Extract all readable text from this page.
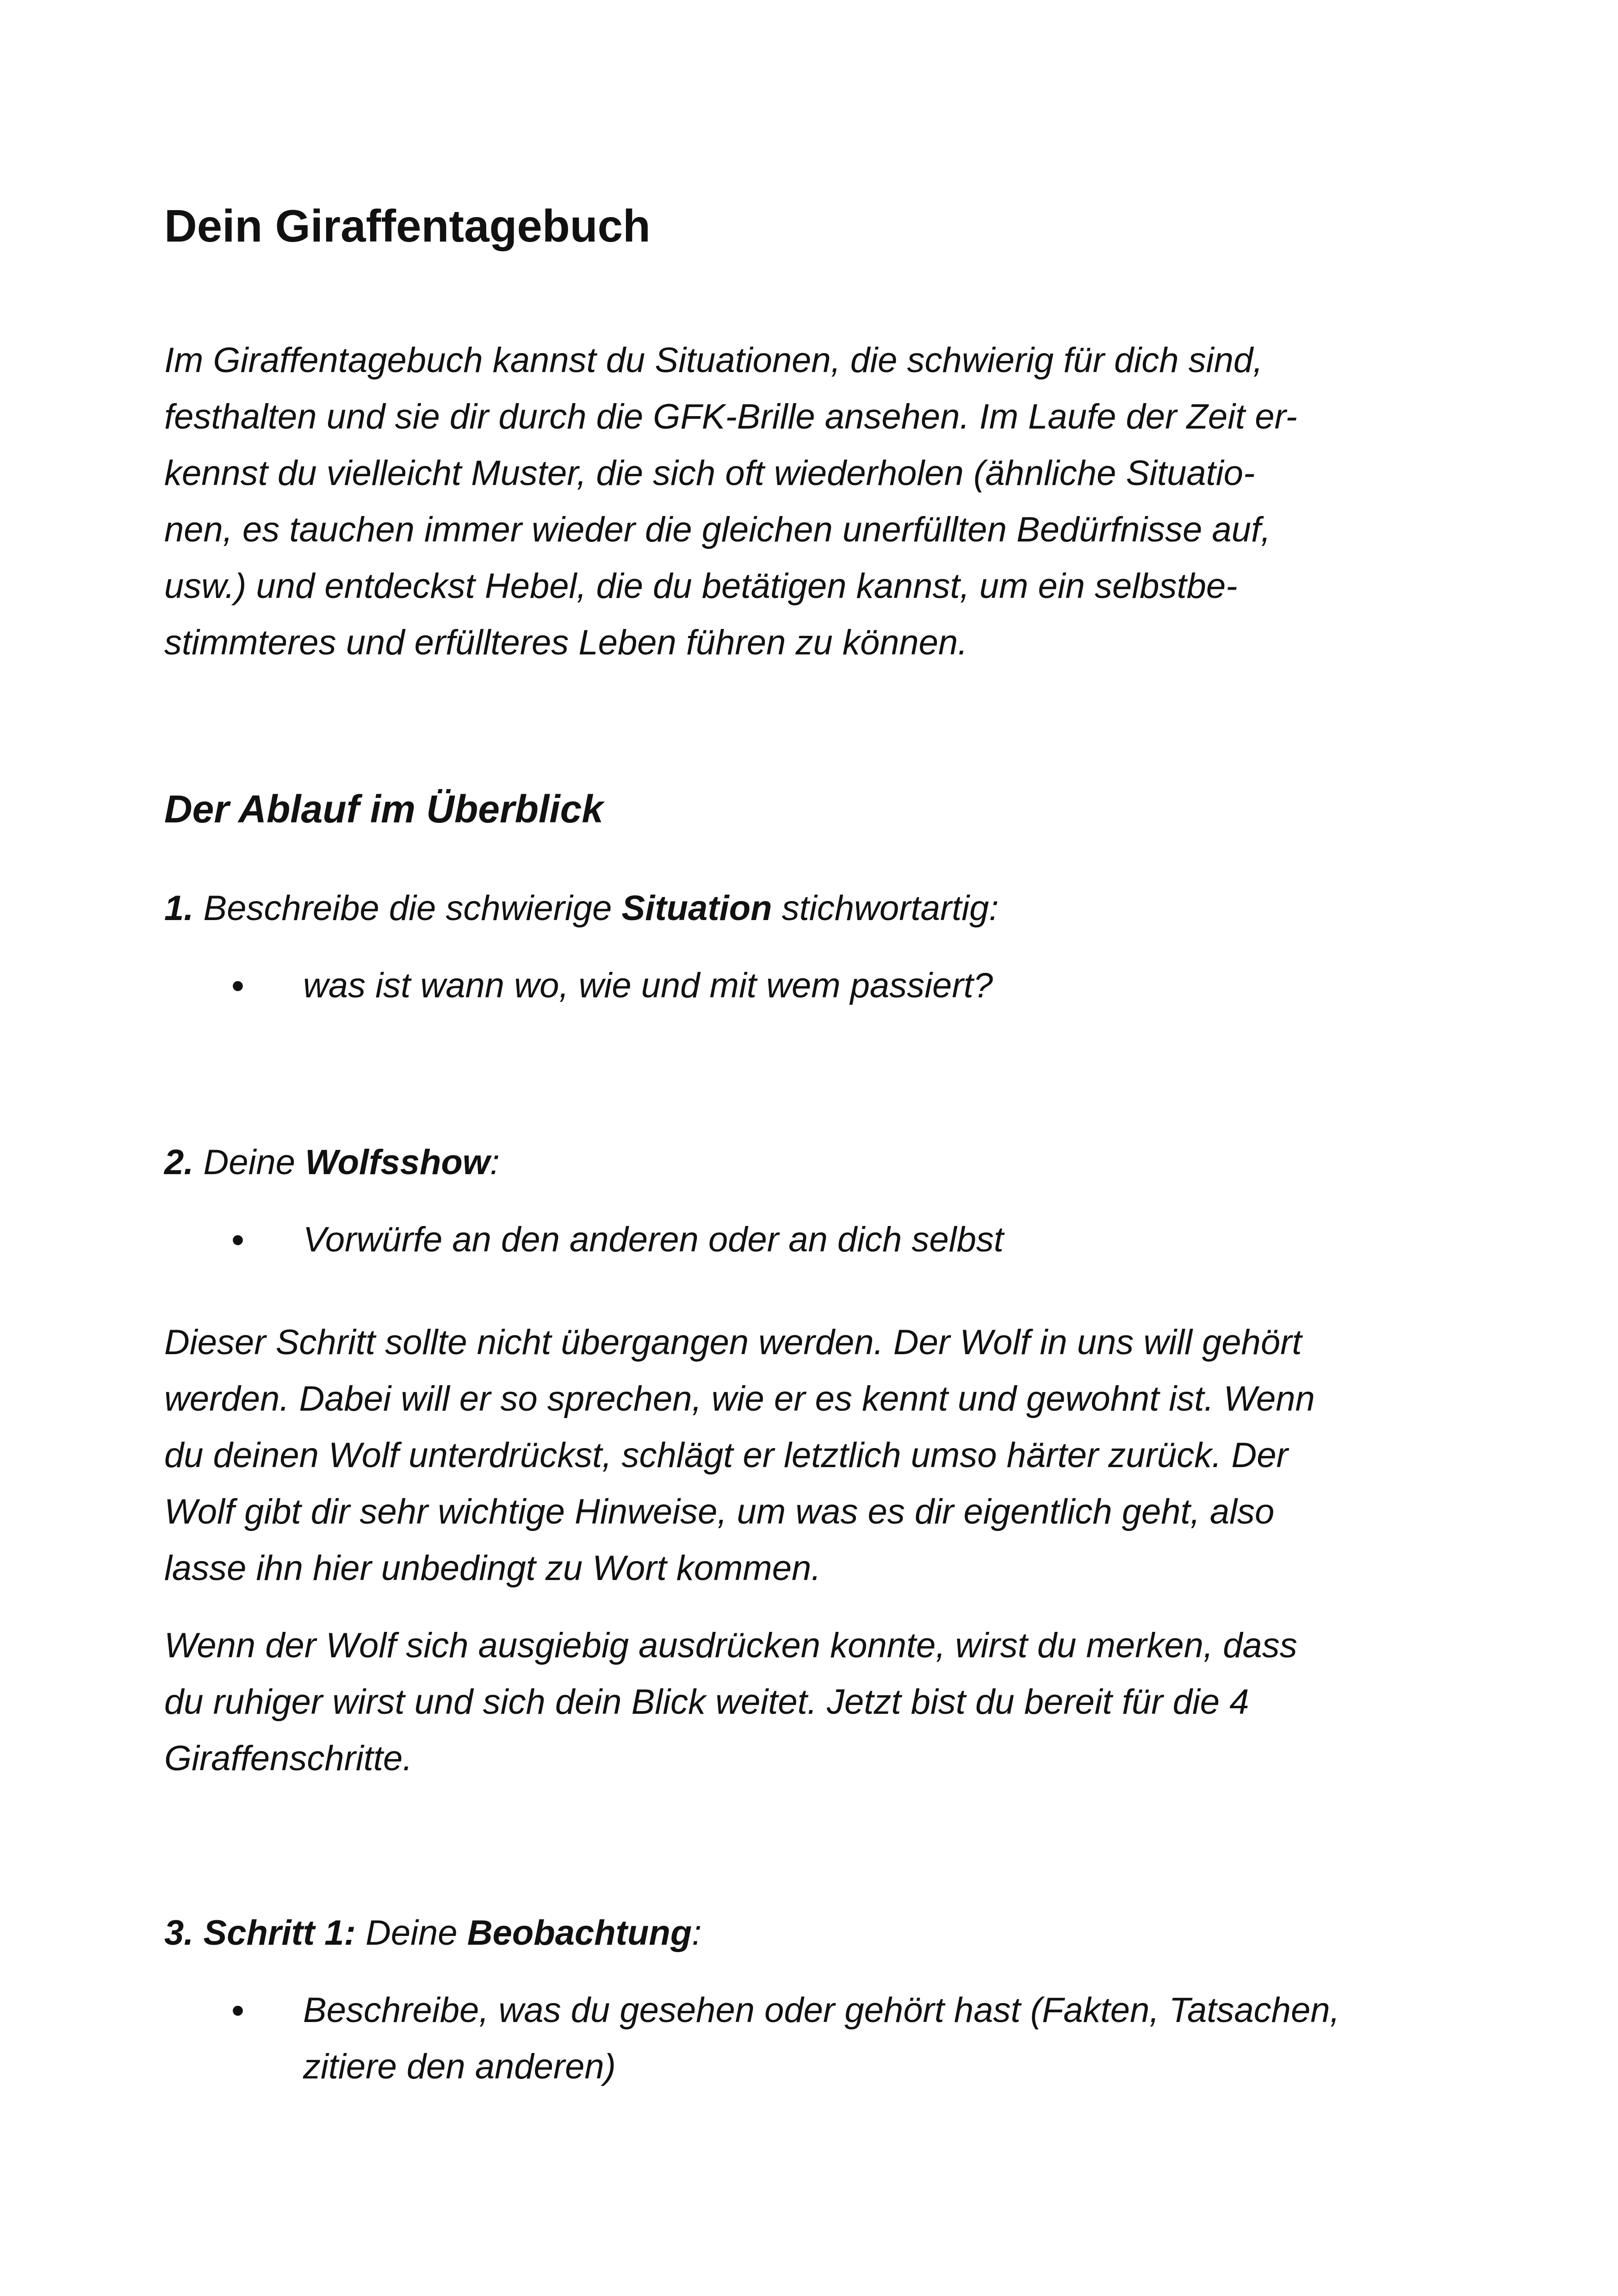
Dein Giraffentagebuch
Im Giraffentagebuch kannst du Situationen, die schwierig für dich sind,
festhalten und sie dir durch die GFK-Brille ansehen. Im Laufe der Zeit er-
kennst du vielleicht Muster, die sich oft wiederholen (ähnliche Situatio-
nen, es tauchen immer wieder die gleichen unerfüllten Bedürfnisse auf,
usw.) und entdeckst Hebel, die du betätigen kannst, um ein selbstbe-
stimmteres und erfüllteres Leben führen zu können.
Der Ablauf im Überblick
1. Beschreibe die schwierige Situation stichwortartig:
• was ist wann wo, wie und mit wem passiert?
2. Deine Wolfsshow:
• Vorwürfe an den anderen oder an dich selbst
Dieser Schritt sollte nicht übergangen werden. Der Wolf in uns will gehört
werden. Dabei will er so sprechen, wie er es kennt und gewohnt ist. Wenn
du deinen Wolf unterdrückst, schlägt er letztlich umso härter zurück. Der
Wolf gibt dir sehr wichtige Hinweise, um was es dir eigentlich geht, also
lasse ihn hier unbedingt zu Wort kommen.
Wenn der Wolf sich ausgiebig ausdrücken konnte, wirst du merken, dass
du ruhiger wirst und sich dein Blick weitet. Jetzt bist du bereit für die 4
Giraffenschritte.
3. Schritt 1: Deine Beobachtung:
• Beschreibe, was du gesehen oder gehört hast (Fakten, Tatsachen,
zitiere den anderen)
